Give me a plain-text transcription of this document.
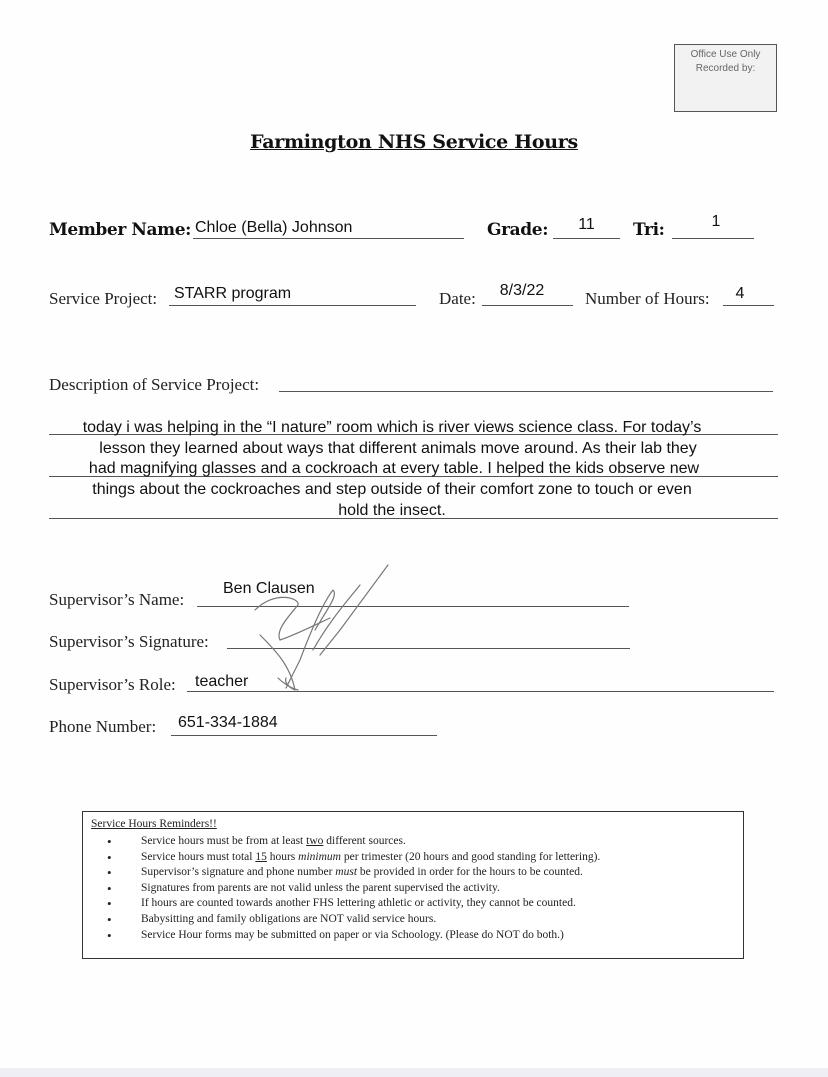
Office Use Only
Recorded by:
Farmington NHS Service Hours
Member Name: Chloe (Bella) Johnson	Grade:	11	Tri:	1
Service Project: STARR program	Date:	8/3/22	Number of Hours:	4
Description of Service Project:
today i was helping in the “I nature” room which is river views science class. For today’s
lesson they learned about ways that different animals move around. As their lab they
had magnifying glasses and a cockroach at every table. I helped the kids observe new
things about the cockroaches and step outside of their comfort zone to touch or even
hold the insect.
Supervisor’s Name:
Ben Clausen
Supervisor’s Signature:
Supervisor’s Role: teacher
Phone Number: 651-334-1884
Service Hours Reminders!!
• Service hours must be from at least two different sources.
• Service hours must total 15 hours minimum per trimester (20 hours and good standing for lettering).
• Supervisor’s signature and phone number must be provided in order for the hours to be counted.
• Signatures from parents are not valid unless the parent supervised the activity.
• If hours are counted towards another FHS lettering athletic or activity, they cannot be counted.
• Babysitting and family obligations are NOT valid service hours.
• Service Hour forms may be submitted on paper or via Schoology. (Please do NOT do both.)
